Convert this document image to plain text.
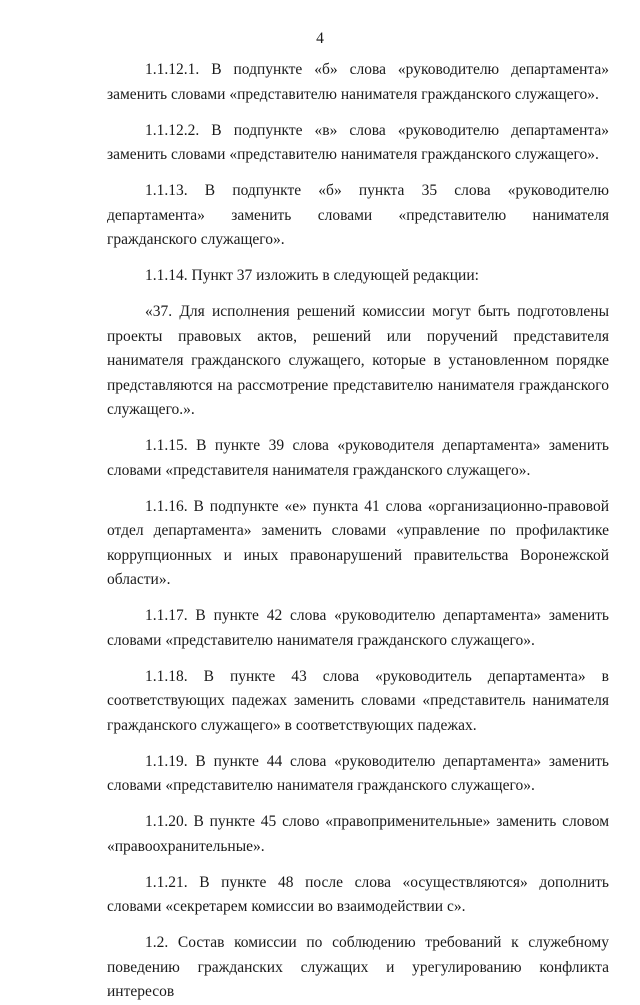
4

1.1.12.1. В подпункте «б» слова «руководителю департамента» заменить словами «представителю нанимателя гражданского служащего».

1.1.12.2. В подпункте «в» слова «руководителю департамента» заменить словами «представителю нанимателя гражданского служащего».

1.1.13. В подпункте «б» пункта 35 слова «руководителю департамента» заменить словами «представителю нанимателя гражданского служащего».

1.1.14. Пункт 37 изложить в следующей редакции:

«37. Для исполнения решений комиссии могут быть подготовлены проекты правовых актов, решений или поручений представителя нанимателя гражданского служащего, которые в установленном порядке представляются на рассмотрение представителю нанимателя гражданского служащего.».

1.1.15. В пункте 39 слова «руководителя департамента» заменить словами «представителя нанимателя гражданского служащего».

1.1.16. В подпункте «е» пункта 41 слова «организационно-правовой отдел департамента» заменить словами «управление по профилактике коррупционных и иных правонарушений правительства Воронежской области».

1.1.17. В пункте 42 слова «руководителю департамента» заменить словами «представителю нанимателя гражданского служащего».

1.1.18. В пункте 43 слова «руководитель департамента» в соответствующих падежах заменить словами «представитель нанимателя гражданского служащего» в соответствующих падежах.

1.1.19. В пункте 44 слова «руководителю департамента» заменить словами «представителю нанимателя гражданского служащего».

1.1.20. В пункте 45 слово «правоприменительные» заменить словом «правоохранительные».

1.1.21. В пункте 48 после слова «осуществляются» дополнить словами «секретарем комиссии во взаимодействии с».

1.2. Состав комиссии по соблюдению требований к служебному поведению гражданских служащих и урегулированию конфликта интересов
